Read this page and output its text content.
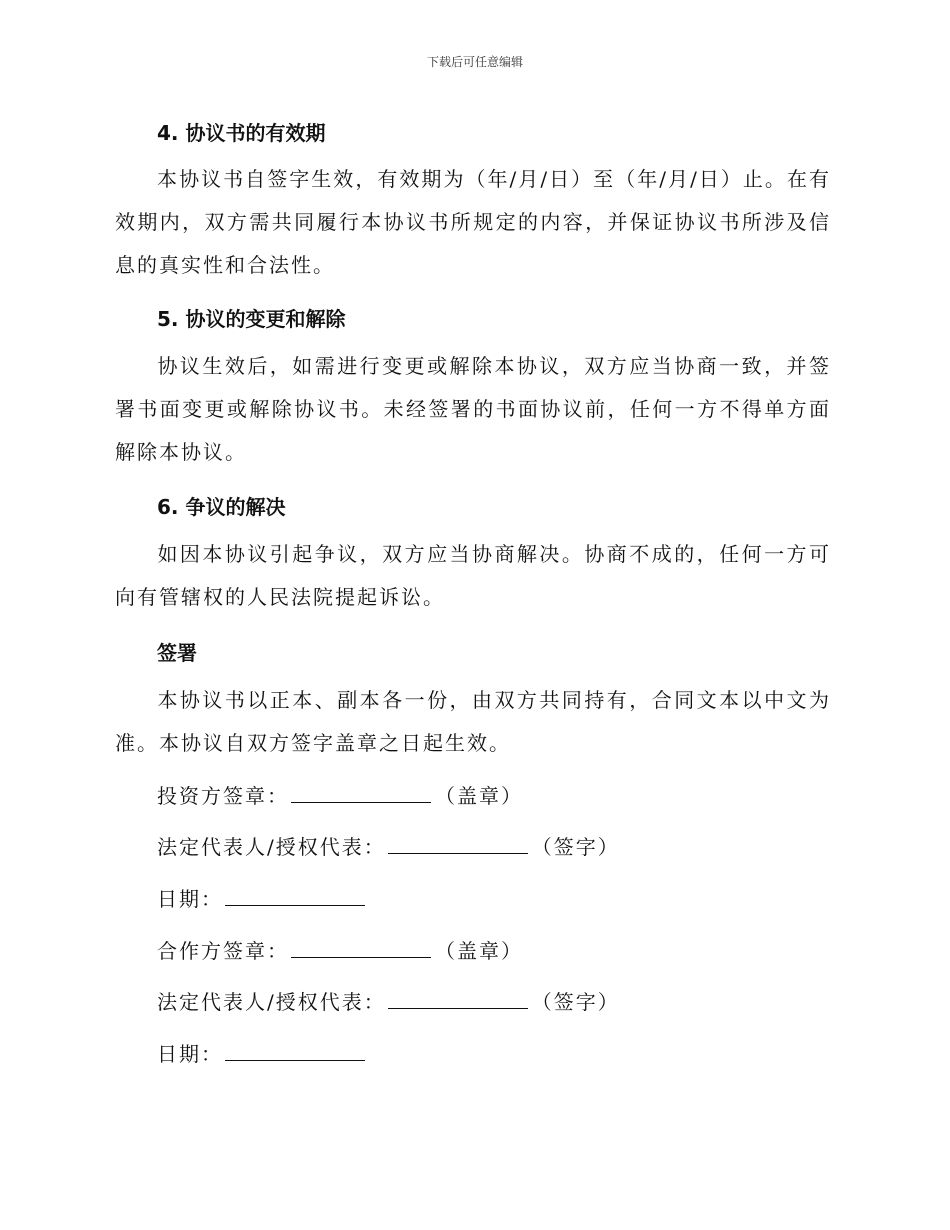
下载后可任意编辑
4. 协议书的有效期
本协议书自签字生效，有效期为（年/月/日）至（年/月/日）止。在有效期内，双方需共同履行本协议书所规定的内容，并保证协议书所涉及信息的真实性和合法性。
5. 协议的变更和解除
协议生效后，如需进行变更或解除本协议，双方应当协商一致，并签署书面变更或解除协议书。未经签署的书面协议前，任何一方不得单方面解除本协议。
6. 争议的解决
如因本协议引起争议，双方应当协商解决。协商不成的，任何一方可向有管辖权的人民法院提起诉讼。
签署
本协议书以正本、副本各一份，由双方共同持有，合同文本以中文为准。本协议自双方签字盖章之日起生效。
投资方签章：	（盖章）
法定代表人/授权代表：	（签字）
日期：
合作方签章：	（盖章）
法定代表人/授权代表：	（签字）
日期：
